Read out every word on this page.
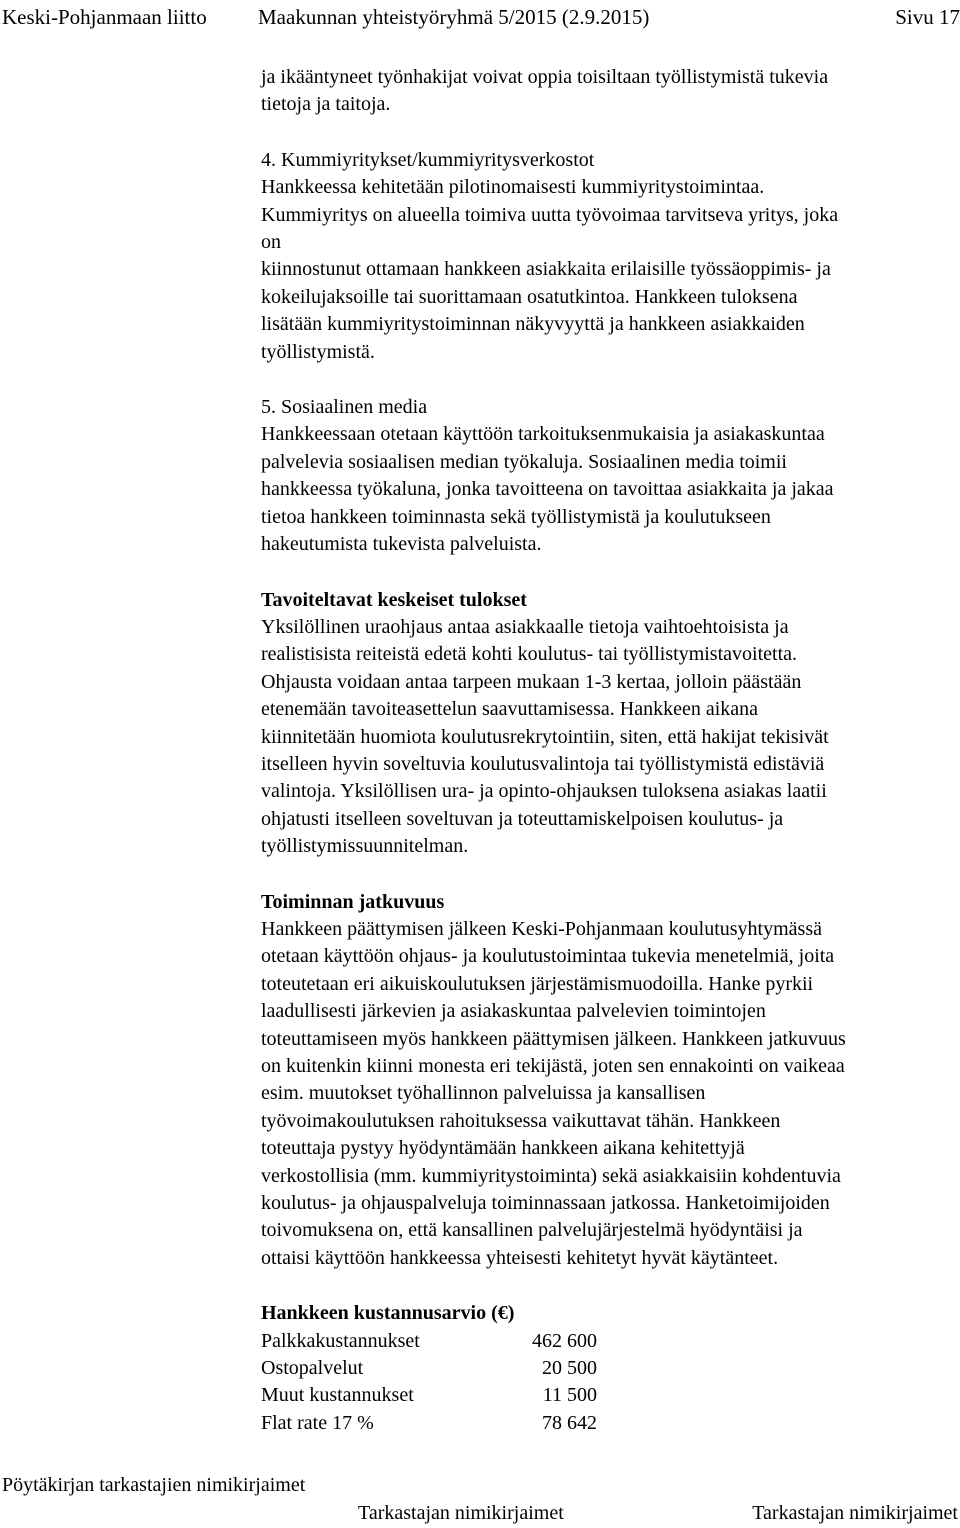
Keski-Pohjanmaan liitto Maakunnan yhteistyöryhmä 5/2015 (2.9.2015)	Sivu 17
ja ikääntyneet työnhakijat voivat oppia toisiltaan työllistymistä tukevia
tietoja ja taitoja.
4. Kummiyritykset/kummiyritysverkostot
Hankkeessa kehitetään pilotinomaisesti kummiyritystoimintaa.
Kummiyritys on alueella toimiva uutta työvoimaa tarvitseva yritys, joka
on
kiinnostunut ottamaan hankkeen asiakkaita erilaisille työssäoppimis- ja
kokeilujaksoille tai suorittamaan osatutkintoa. Hankkeen tuloksena
lisätään kummiyritystoiminnan näkyvyyttä ja hankkeen asiakkaiden
työllistymistä.
5. Sosiaalinen media
Hankkeessaan otetaan käyttöön tarkoituksenmukaisia ja asiakaskuntaa
palvelevia sosiaalisen median työkaluja. Sosiaalinen media toimii
hankkeessa työkaluna, jonka tavoitteena on tavoittaa asiakkaita ja jakaa
tietoa hankkeen toiminnasta sekä työllistymistä ja koulutukseen
hakeutumista tukevista palveluista.
Tavoiteltavat keskeiset tulokset
Yksilöllinen uraohjaus antaa asiakkaalle tietoja vaihtoehtoisista ja
realistisista reiteistä edetä kohti koulutus- tai työllistymistavoitetta.
Ohjausta voidaan antaa tarpeen mukaan 1-3 kertaa, jolloin päästään
etenemään tavoiteasettelun saavuttamisessa. Hankkeen aikana
kiinnitetään huomiota koulutusrekrytointiin, siten, että hakijat tekisivät
itselleen hyvin soveltuvia koulutusvalintoja tai työllistymistä edistäviä
valintoja. Yksilöllisen ura- ja opinto-ohjauksen tuloksena asiakas laatii
ohjatusti itselleen soveltuvan ja toteuttamiskelpoisen koulutus- ja
työllistymissuunnitelman.
Toiminnan jatkuvuus
Hankkeen päättymisen jälkeen Keski-Pohjanmaan koulutusyhtymässä
otetaan käyttöön ohjaus- ja koulutustoimintaa tukevia menetelmiä, joita
toteutetaan eri aikuiskoulutuksen järjestämismuodoilla. Hanke pyrkii
laadullisesti järkevien ja asiakaskuntaa palvelevien toimintojen
toteuttamiseen myös hankkeen päättymisen jälkeen. Hankkeen jatkuvuus
on kuitenkin kiinni monesta eri tekijästä, joten sen ennakointi on vaikeaa
esim. muutokset työhallinnon palveluissa ja kansallisen
työvoimakoulutuksen rahoituksessa vaikuttavat tähän. Hankkeen
toteuttaja pystyy hyödyntämään hankkeen aikana kehitettyjä
verkostollisia (mm. kummiyritystoiminta) sekä asiakkaisiin kohdentuvia
koulutus- ja ohjauspalveluja toiminnassaan jatkossa. Hanketoimijoiden
toivomuksena on, että kansallinen palvelujärjestelmä hyödyntäisi ja
ottaisi käyttöön hankkeessa yhteisesti kehitetyt hyvät käytänteet.
Hankkeen kustannusarvio (€)
Palkkakustannukset	462 600
Ostopalvelut	20 500
Muut kustannukset	11 500
Flat rate 17 %	78 642
Pöytäkirjan tarkastajien nimikirjaimet
Tarkastajan nimikirjaimet	Tarkastajan nimikirjaimet
